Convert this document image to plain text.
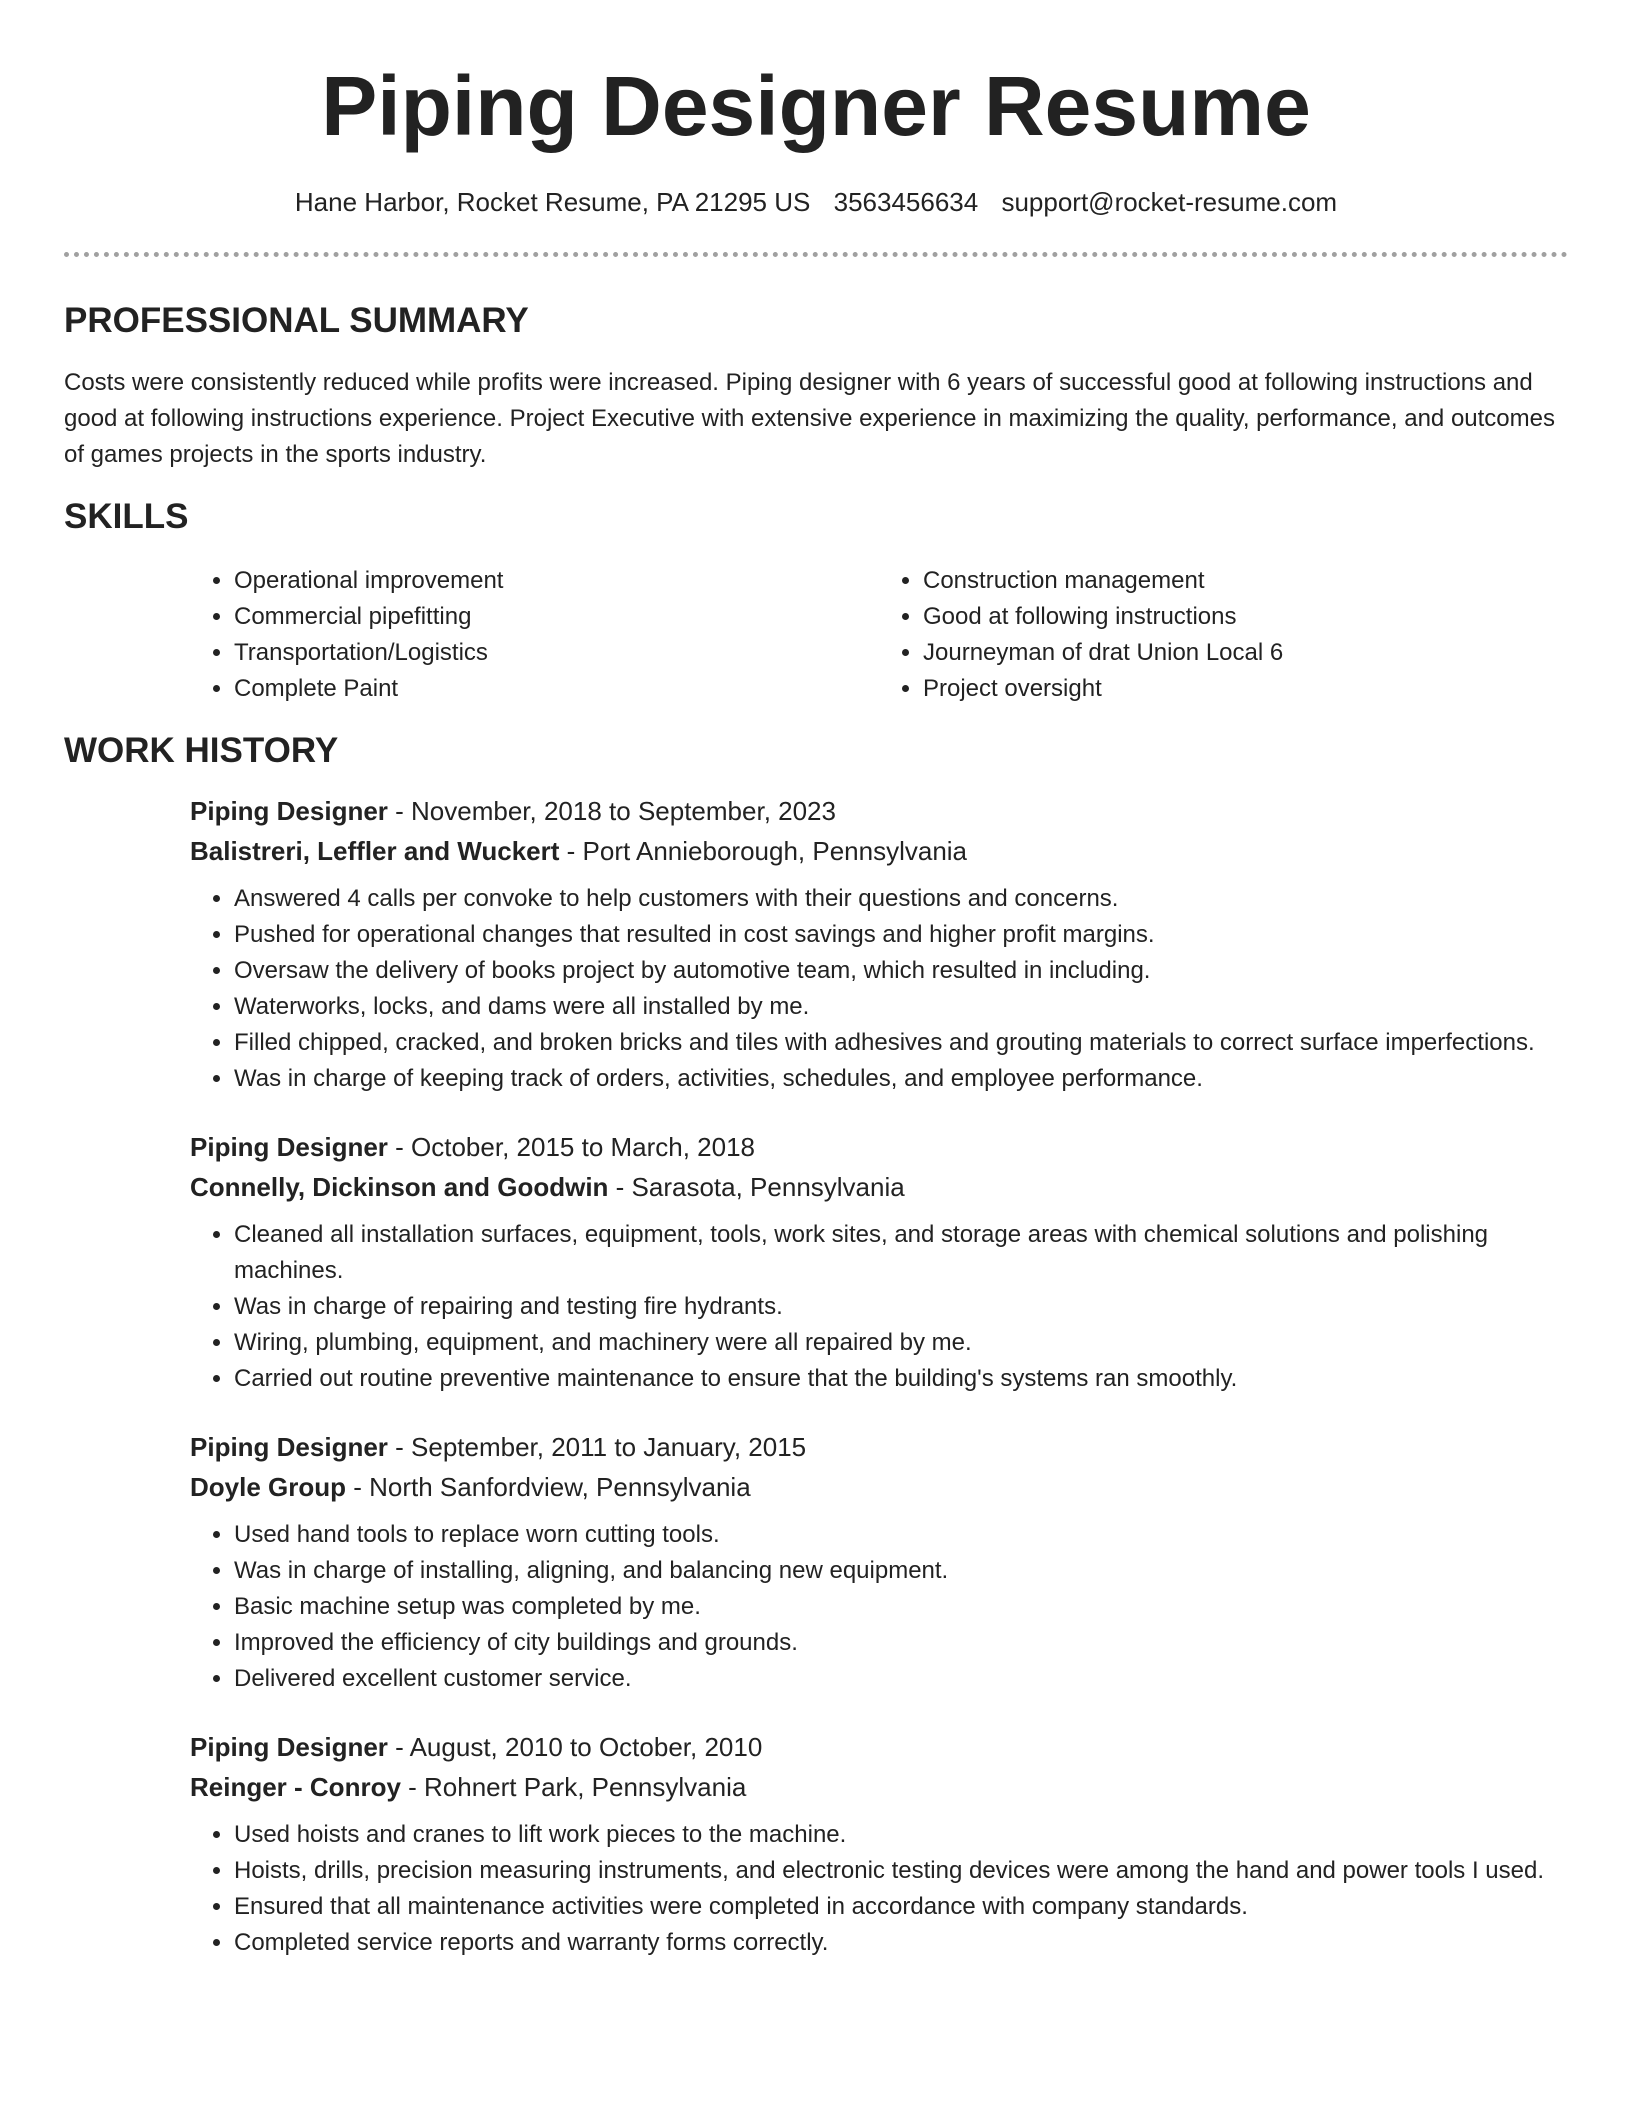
Piping Designer Resume
Hane Harbor, Rocket Resume, PA 21295 US 3563456634 support@rocket-resume.com
PROFESSIONAL SUMMARY

Costs were consistently reduced while profits were increased. Piping designer with 6 years of successful good at following instructions and good at following instructions experience. Project Executive with extensive experience in maximizing the quality, performance, and outcomes of games projects in the sports industry.

SKILLS
• Operational improvement
• Commercial pipefitting
• Transportation/Logistics
• Complete Paint
• Construction management
• Good at following instructions
• Journeyman of drat Union Local 6
• Project oversight
WORK HISTORY

Piping Designer - November, 2018 to September, 2023

Balistreri, Leffler and Wuckert - Port Annieborough, Pennsylvania

• Answered 4 calls per convoke to help customers with their questions and concerns.
• Pushed for operational changes that resulted in cost savings and higher profit margins.
• Oversaw the delivery of books project by automotive team, which resulted in including.
• Waterworks, locks, and dams were all installed by me.
• Filled chipped, cracked, and broken bricks and tiles with adhesives and grouting materials to correct surface imperfections.
• Was in charge of keeping track of orders, activities, schedules, and employee performance.

Piping Designer - October, 2015 to March, 2018

Connelly, Dickinson and Goodwin - Sarasota, Pennsylvania

• Cleaned all installation surfaces, equipment, tools, work sites, and storage areas with chemical solutions and polishing machines.
• Was in charge of repairing and testing fire hydrants.
• Wiring, plumbing, equipment, and machinery were all repaired by me.
• Carried out routine preventive maintenance to ensure that the building's systems ran smoothly.

Piping Designer - September, 2011 to January, 2015

Doyle Group - North Sanfordview, Pennsylvania

• Used hand tools to replace worn cutting tools.
• Was in charge of installing, aligning, and balancing new equipment.
• Basic machine setup was completed by me.
• Improved the efficiency of city buildings and grounds.
• Delivered excellent customer service.

Piping Designer - August, 2010 to October, 2010

Reinger - Conroy - Rohnert Park, Pennsylvania

• Used hoists and cranes to lift work pieces to the machine.
• Hoists, drills, precision measuring instruments, and electronic testing devices were among the hand and power tools I used.
• Ensured that all maintenance activities were completed in accordance with company standards.
• Completed service reports and warranty forms correctly.
